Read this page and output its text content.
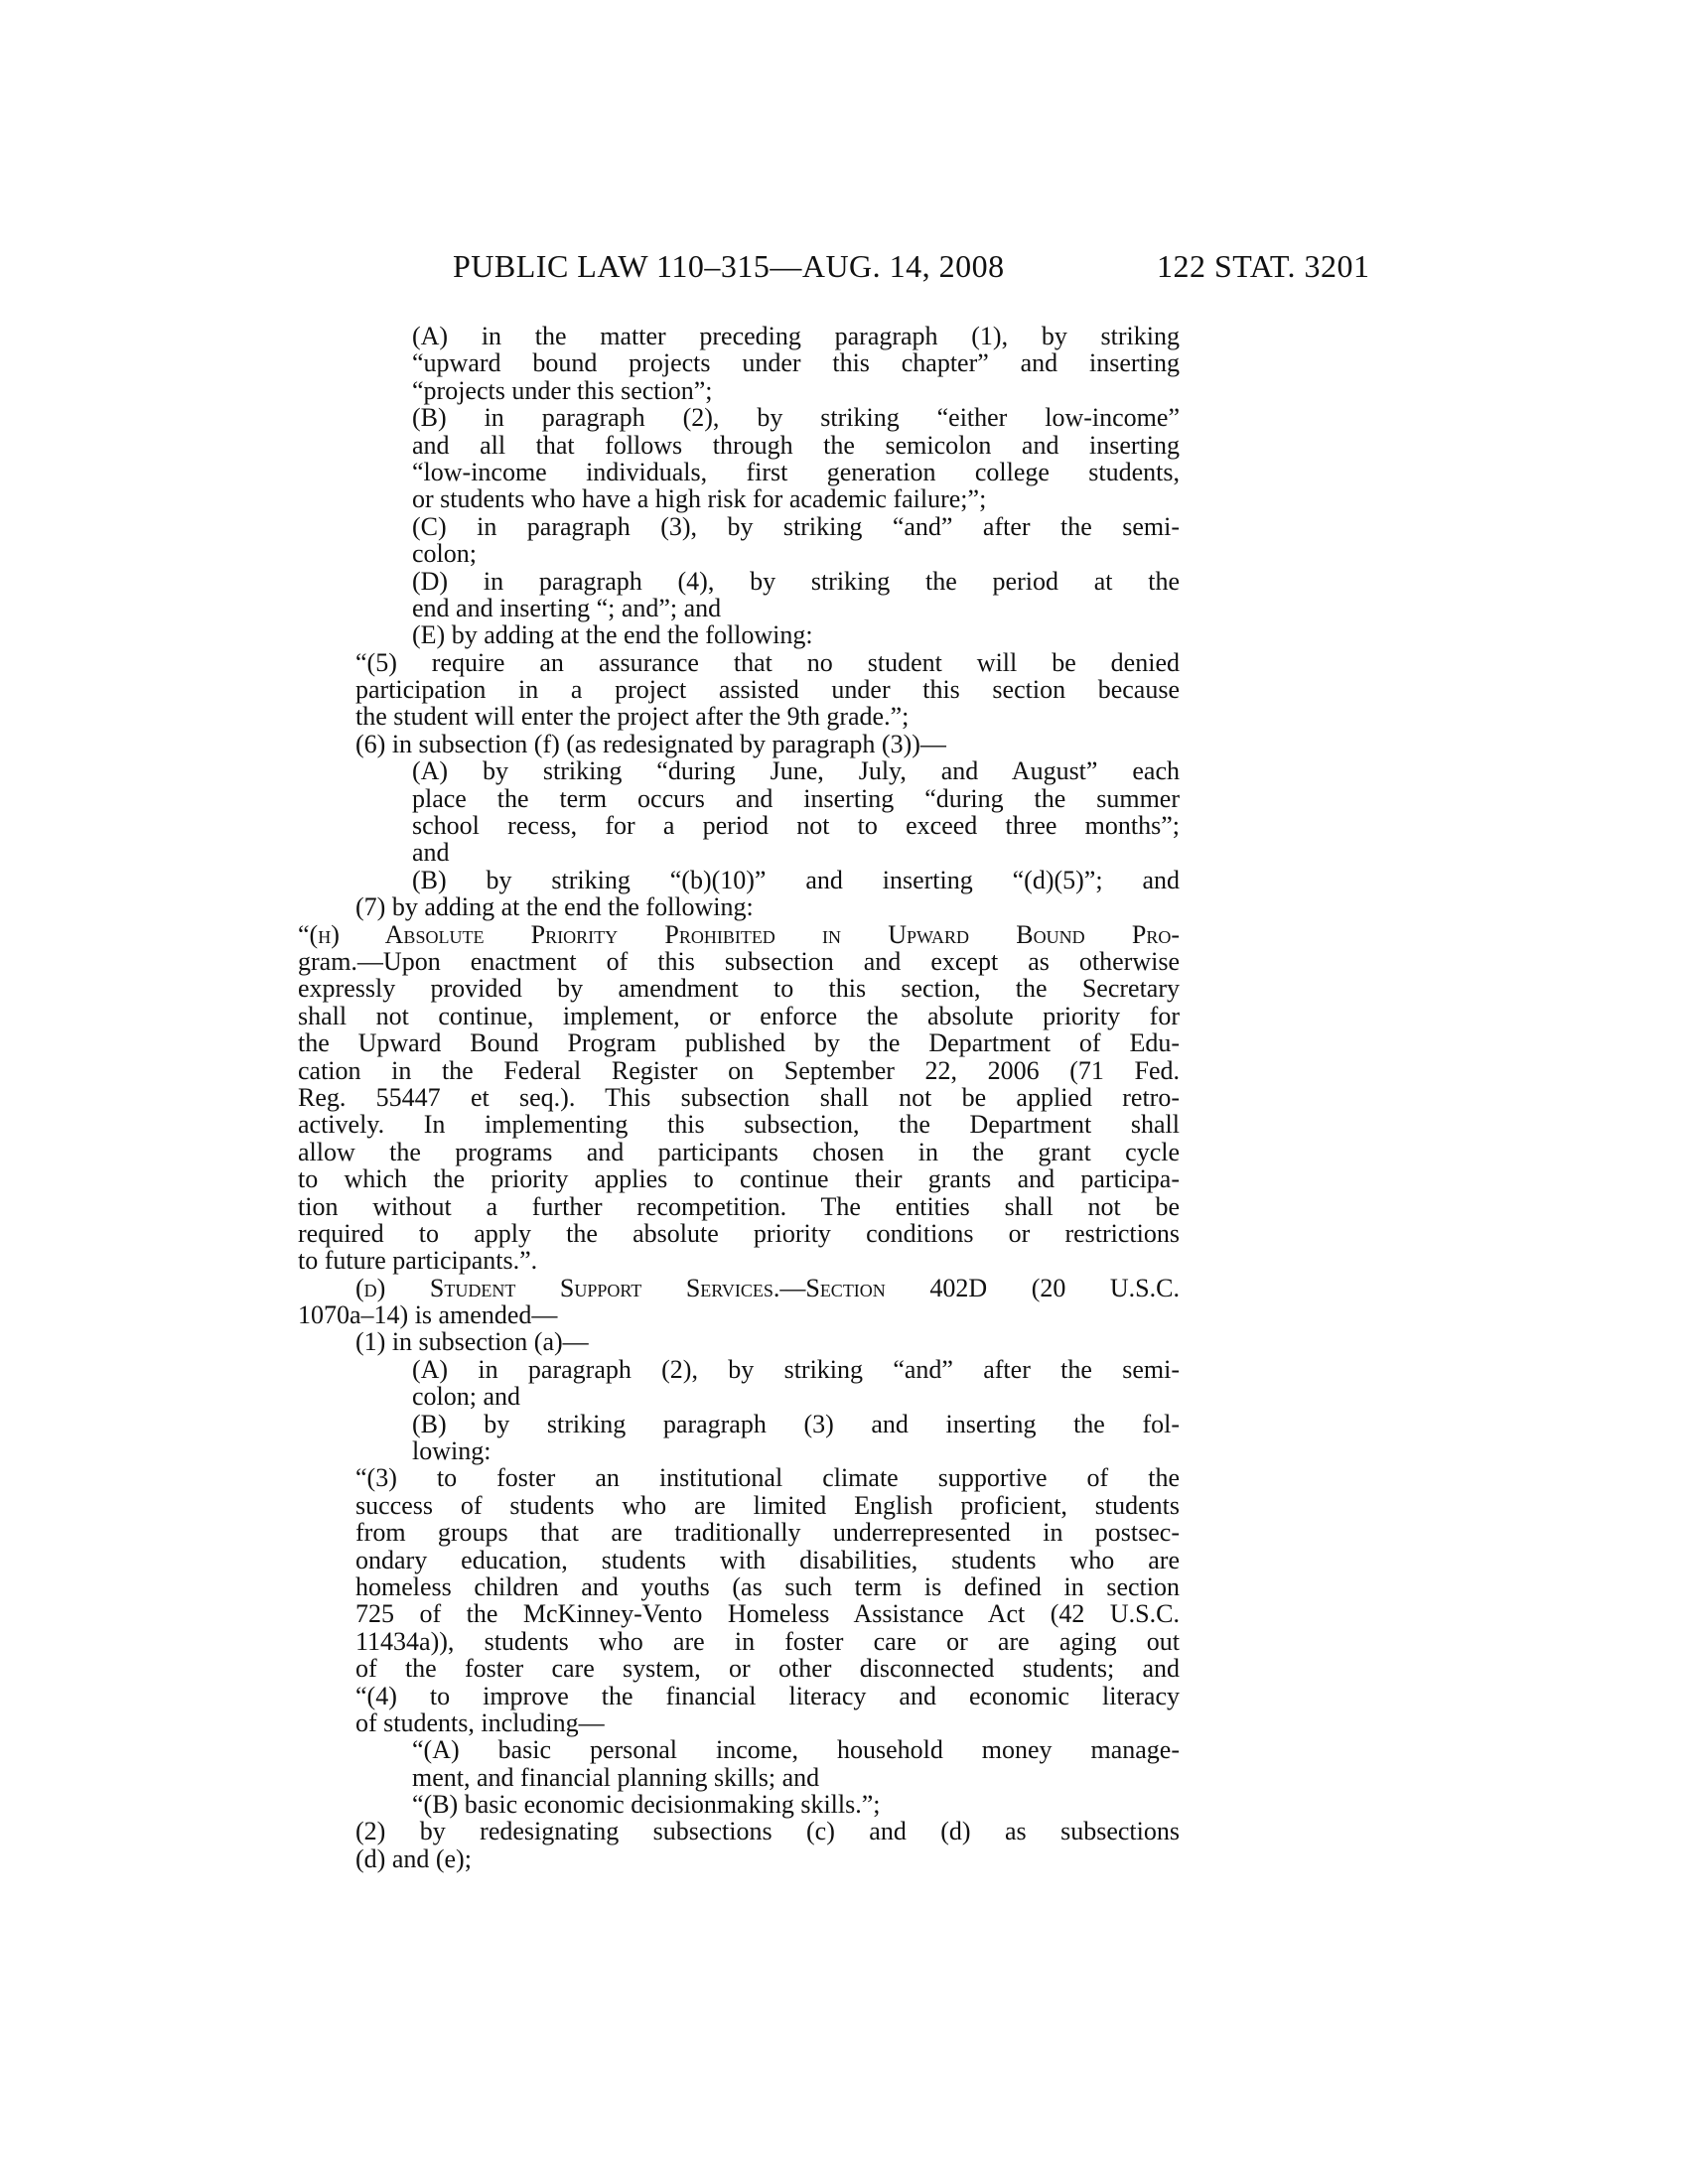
PUBLIC LAW 110–315—AUG. 14, 2008	122 STAT. 3201
(A) in the matter preceding paragraph (1), by striking
“upward bound projects under this chapter” and inserting
“projects under this section”;
(B) in paragraph (2), by striking “either low-income”
and all that follows through the semicolon and inserting
“low-income individuals, first generation college students,
or students who have a high risk for academic failure;”;
(C) in paragraph (3), by striking “and” after the semi-
colon;
(D) in paragraph (4), by striking the period at the
end and inserting “; and”; and
(E) by adding at the end the following:
“(5) require an assurance that no student will be denied
participation in a project assisted under this section because
the student will enter the project after the 9th grade.”;
(6) in subsection (f) (as redesignated by paragraph (3))—
(A) by striking “during June, July, and August” each
place the term occurs and inserting “during the summer
school recess, for a period not to exceed three months”;
and
(B) by striking “(b)(10)” and inserting “(d)(5)”; and
(7) by adding at the end the following:
“(h) Absolute Priority Prohibited in Upward Bound Pro-
gram.—Upon enactment of this subsection and except as otherwise
expressly provided by amendment to this section, the Secretary
shall not continue, implement, or enforce the absolute priority for
the Upward Bound Program published by the Department of Edu-
cation in the Federal Register on September 22, 2006 (71 Fed.
Reg. 55447 et seq.). This subsection shall not be applied retro-
actively. In implementing this subsection, the Department shall
allow the programs and participants chosen in the grant cycle
to which the priority applies to continue their grants and participa-
tion without a further recompetition. The entities shall not be
required to apply the absolute priority conditions or restrictions
to future participants.”.
(d) Student Support Services.—Section 402D (20 U.S.C.
1070a–14) is amended—
(1) in subsection (a)—
(A) in paragraph (2), by striking “and” after the semi-
colon; and
(B) by striking paragraph (3) and inserting the fol-
lowing:
“(3) to foster an institutional climate supportive of the
success of students who are limited English proficient, students
from groups that are traditionally underrepresented in postsec-
ondary education, students with disabilities, students who are
homeless children and youths (as such term is defined in section
725 of the McKinney-Vento Homeless Assistance Act (42 U.S.C.
11434a)), students who are in foster care or are aging out
of the foster care system, or other disconnected students; and
“(4) to improve the financial literacy and economic literacy
of students, including—
“(A) basic personal income, household money manage-
ment, and financial planning skills; and
“(B) basic economic decisionmaking skills.”;
(2) by redesignating subsections (c) and (d) as subsections
(d) and (e);
